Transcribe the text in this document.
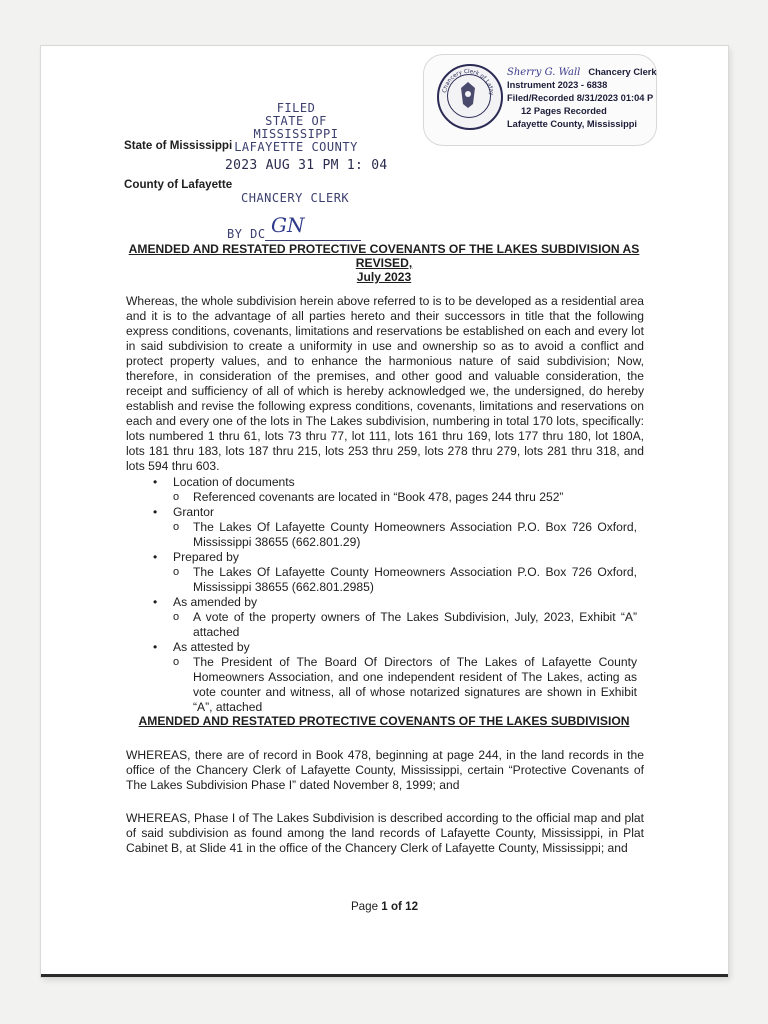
Chancery Clerk of Lafay
Sherry G. Wall Chancery Clerk
Instrument 2023 - 6838
Filed/Recorded 8/31/2023 01:04 P
12 Pages Recorded
Lafayette County, Mississippi
FILED
STATE OF MISSISSIPPI
LAFAYETTE COUNTY
2023 AUG 31 PM 1: 04
CHANCERY CLERK
BY DC GN
State of Mississippi
County of Lafayette
AMENDED AND RESTATED PROTECTIVE COVENANTS OF THE LAKES SUBDIVISION AS REVISED,
July 2023
Whereas, the whole subdivision herein above referred to is to be developed as a residential area and it is to the advantage of all parties hereto and their successors in title that the following express conditions, covenants, limitations and reservations be established on each and every lot in said subdivision to create a uniformity in use and ownership so as to avoid a conflict and protect property values, and to enhance the harmonious nature of said subdivision; Now, therefore, in consideration of the premises, and other good and valuable consideration, the receipt and sufficiency of all of which is hereby acknowledged we, the undersigned, do hereby establish and revise the following express conditions, covenants, limitations and reservations on each and every one of the lots in The Lakes subdivision, numbering in total 170 lots, specifically: lots numbered 1 thru 61, lots 73 thru 77, lot 111, lots 161 thru 169, lots 177 thru 180, lot 180A, lots 181 thru 183, lots 187 thru 215, lots 253 thru 259, lots 278 thru 279, lots 281 thru 318, and lots 594 thru 603.
• Location of documents
o Referenced covenants are located in “Book 478, pages 244 thru 252”
• Grantor
o The Lakes Of Lafayette County Homeowners Association P.O. Box 726 Oxford, Mississippi 38655 (662.801.29)
• Prepared by
o The Lakes Of Lafayette County Homeowners Association P.O. Box 726 Oxford, Mississippi 38655 (662.801.2985)
• As amended by
o A vote of the property owners of The Lakes Subdivision, July, 2023, Exhibit “A” attached
• As attested by
o The President of The Board Of Directors of The Lakes of Lafayette County Homeowners Association, and one independent resident of The Lakes, acting as vote counter and witness, all of whose notarized signatures are shown in Exhibit “A”, attached
AMENDED AND RESTATED PROTECTIVE COVENANTS OF THE LAKES SUBDIVISION
WHEREAS, there are of record in Book 478, beginning at page 244, in the land records in the office of the Chancery Clerk of Lafayette County, Mississippi, certain “Protective Covenants of The Lakes Subdivision Phase I” dated November 8, 1999; and
WHEREAS, Phase I of The Lakes Subdivision is described according to the official map and plat of said subdivision as found among the land records of Lafayette County, Mississippi, in Plat Cabinet B, at Slide 41 in the office of the Chancery Clerk of Lafayette County, Mississippi; and
Page 1 of 12
